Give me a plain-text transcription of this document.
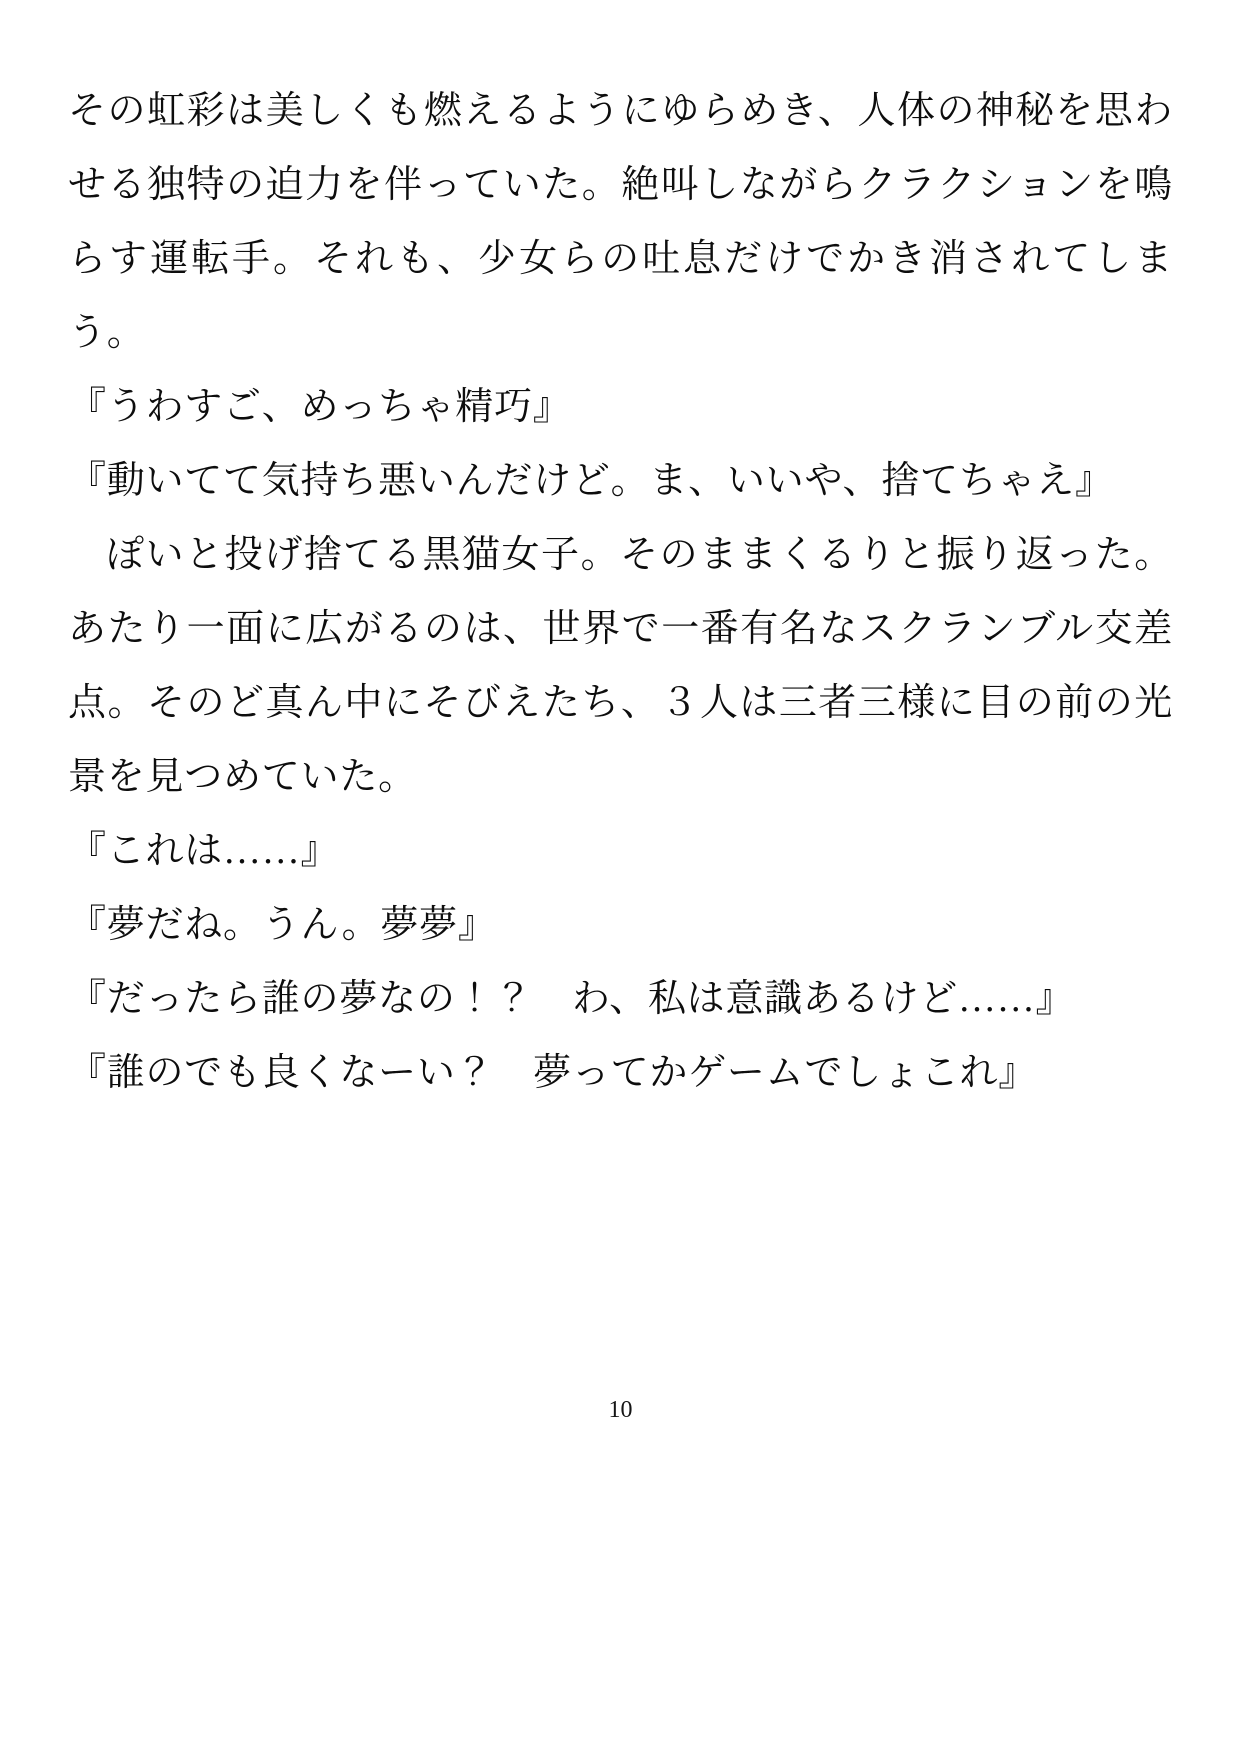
その虹彩は美しくも燃えるようにゆらめき、人体の神秘を思わせる独特の迫力を伴っていた。絶叫しながらクラクションを鳴らす運転手。それも、少女らの吐息だけでかき消されてしまう。

『うわすご、めっちゃ精巧』

『動いてて気持ち悪いんだけど。ま、いいや、捨てちゃえ』

ぽいと投げ捨てる黒猫女子。そのままくるりと振り返った。あたり一面に広がるのは、世界で一番有名なスクランブル交差点。そのど真ん中にそびえたち、３人は三者三様に目の前の光景を見つめていた。

『これは……』

『夢だね。うん。夢夢』

『だったら誰の夢なの！？　わ、私は意識あるけど……』

『誰のでも良くなーい？　夢ってかゲームでしょこれ』

10
